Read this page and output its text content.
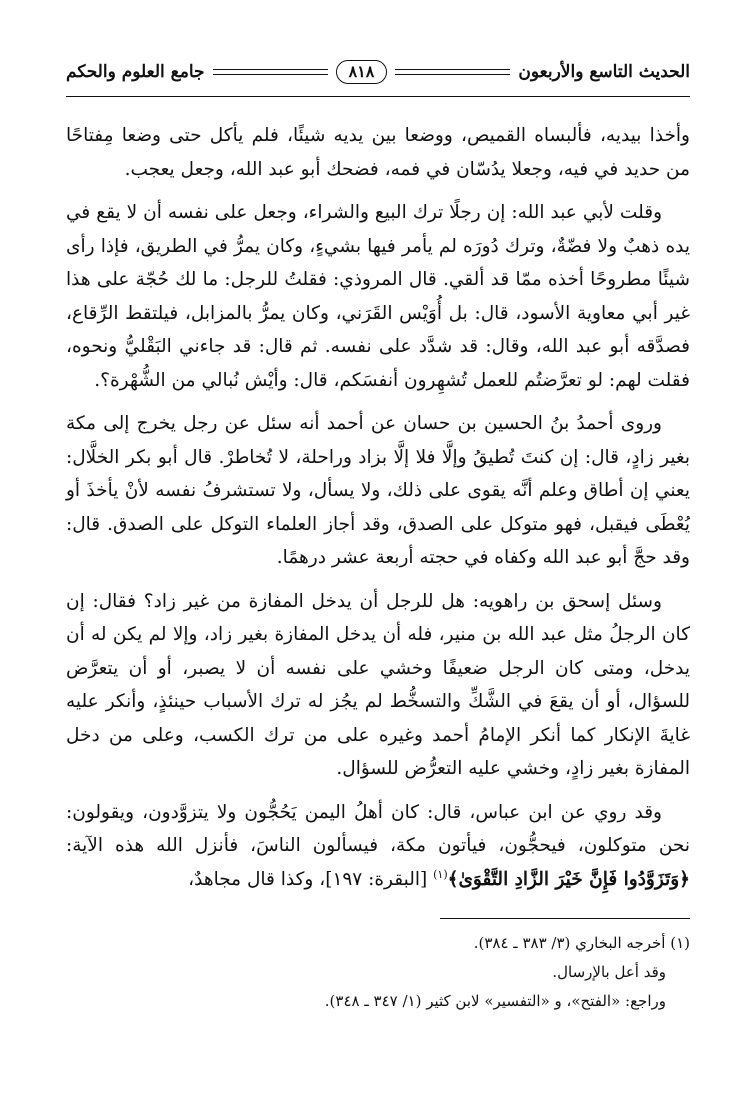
الحديث التاسع والأربعون
٨١٨
جامع العلوم والحكم

وأخذا بيديه، فألبساه القميص، ووضعا بين يديه شيئًا، فلم يأكل حتى وضعا مِفتاحًا من حديد في فيه، وجعلا يدُسّان في فمه، فضحك أبو عبد الله، وجعل يعجب.

وقلت لأبي عبد الله: إن رجلًا ترك البيع والشراء، وجعل على نفسه أن لا يقع في يده ذهبٌ ولا فضّةٌ، وترك دُورَه لم يأمر فيها بشيءٍ، وكان يمرُّ في الطريق، فإذا رأى شيئًا مطروحًا أخذه ممّا قد ألقي. قال المروذي: فقلتُ للرجل: ما لك حُجّة على هذا غير أبي معاوية الأسود، قال: بل أُوَيْس القَرَني، وكان يمرُّ بالمزابل، فيلتقط الرِّقاع، فصدَّقه أبو عبد الله، وقال: قد شدَّد على نفسه. ثم قال: قد جاءني البَقْليُّ ونحوه، فقلت لهم: لو تعرَّضتُم للعمل تُشهِرون أنفسَكم، قال: وأيْش نُبالي من الشُّهْرة؟.

وروى أحمدُ بنُ الحسين بن حسان عن أحمد أنه سئل عن رجل يخرج إلى مكة بغير زادٍ، قال: إن كنتَ تُطيقُ وإلَّا فلا إلَّا بزاد وراحلة، لا تُخاطرْ. قال أبو بكر الخلَّال: يعني إن أطاق وعلم أنَّه يقوى على ذلك، ولا يسأل، ولا تستشرفُ نفسه لأنْ يأخذَ أو يُعْطَى فيقبل، فهو متوكل على الصدق، وقد أجاز العلماء التوكل على الصدق. قال: وقد حجَّ أبو عبد الله وكفاه في حجته أربعة عشر درهمًا.

وسئل إسحق بن راهويه: هل للرجل أن يدخل المفازة من غير زاد؟ فقال: إن كان الرجلُ مثل عبد الله بن منير، فله أن يدخل المفازة بغير زاد، وإلا لم يكن له أن يدخل، ومتى كان الرجل ضعيفًا وخشي على نفسه أن لا يصبر، أو أن يتعرَّض للسؤال، أو أن يقعَ في الشَّكِّ والتسخُّط لم يجُز له ترك الأسباب حينئذٍ، وأنكر عليه غايةَ الإنكار كما أنكر الإمامُ أحمد وغيره على من ترك الكسب، وعلى من دخل المفازة بغير زادٍ، وخشي عليه التعرُّض للسؤال.

وقد روي عن ابن عباس، قال: كان أهلُ اليمن يَحُجُّون ولا يتزوَّدون، ويقولون: نحن متوكلون، فيحجُّون، فيأتون مكة، فيسألون الناسَ، فأنزل الله هذه الآية: ﴿وَتَزَوَّدُوا فَإِنَّ خَيْرَ الزَّادِ التَّقْوَىٰ﴾$^{(١)}$ [البقرة: ١٩٧]، وكذا قال مجاهدٌ،

(١) أخرجه البخاري (٣/ ٣٨٣ ـ ٣٨٤).
وقد أعل بالإرسال.
وراجع: «الفتح»، و «التفسير» لابن كثير (١/ ٣٤٧ ـ ٣٤٨).
